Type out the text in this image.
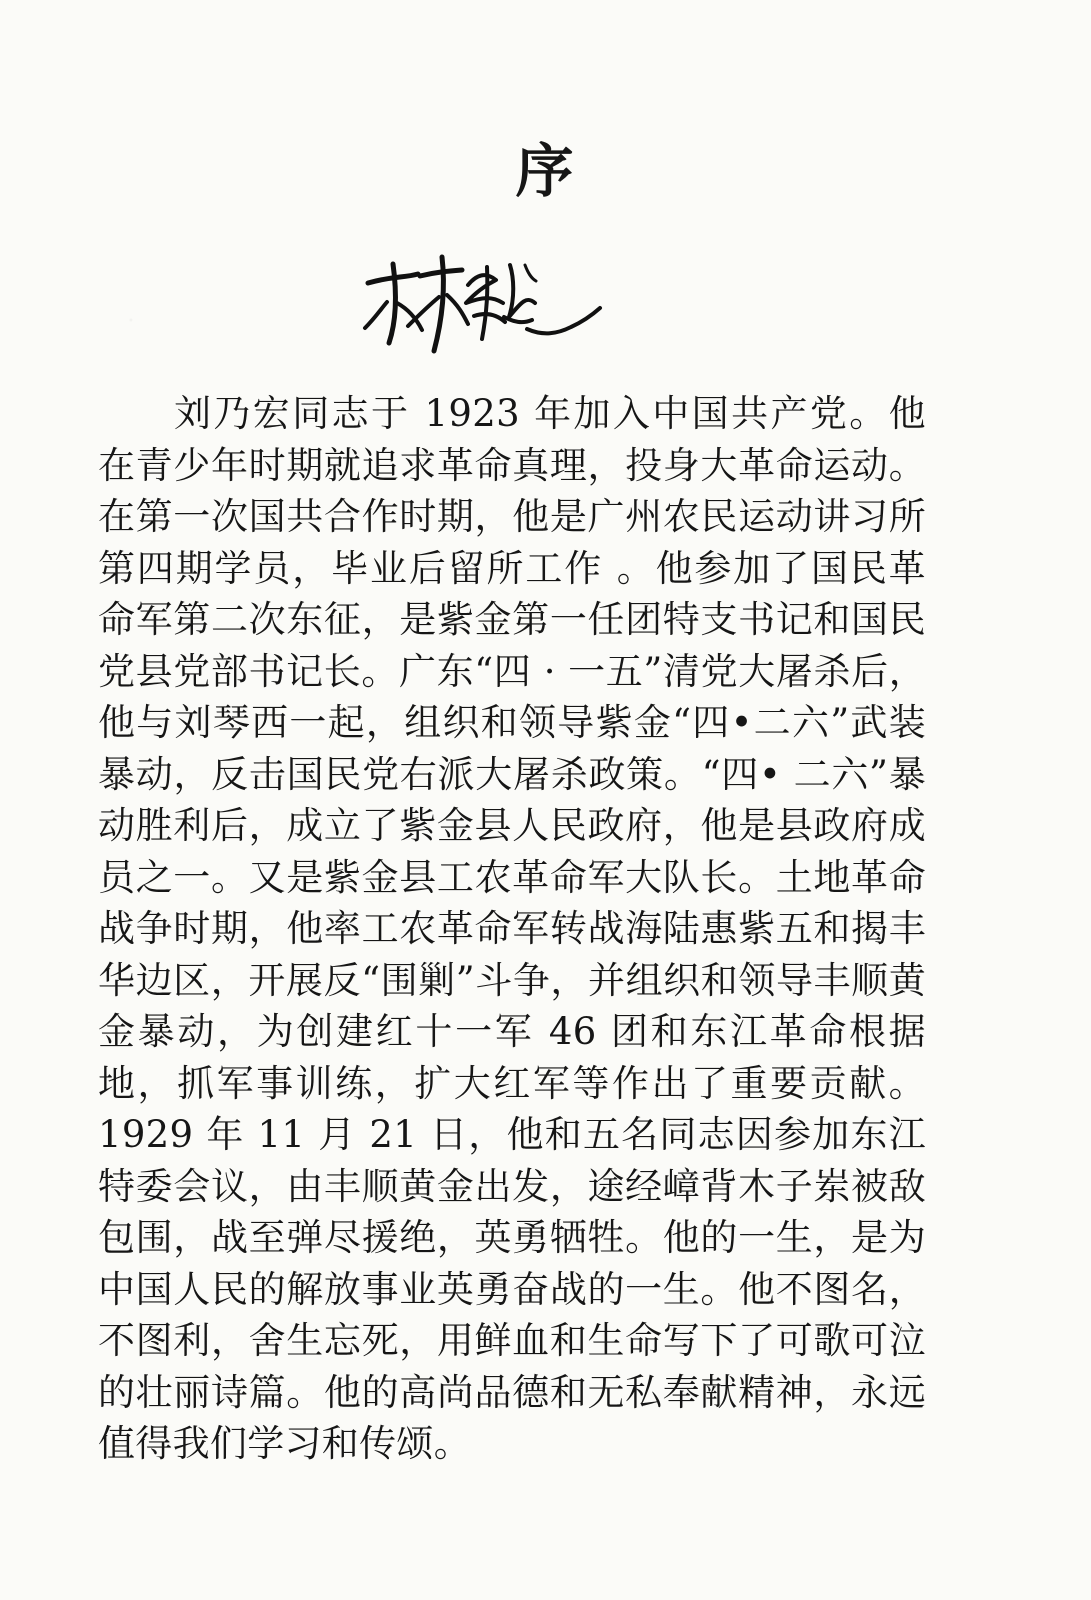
序

刘乃宏同志于 1923 年加入中国共产党。他在青少年时期就追求革命真理，投身大革命运动。在第一次国共合作时期，他是广州农民运动讲习所第四期学员，毕业后留所工作 。他参加了国民革命军第二次东征，是紫金第一任团特支书记和国民党县党部书记长。广东“四 · 一五”清党大屠杀后，他与刘琴西一起，组织和领导紫金“四•二六”武装暴动，反击国民党右派大屠杀政策。“四• 二六”暴动胜利后，成立了紫金县人民政府，他是县政府成员之一。又是紫金县工农革命军大队长。土地革命战争时期，他率工农革命军转战海陆惠紫五和揭丰华边区，开展反“围剿”斗争，并组织和领导丰顺黄金暴动，为创建红十一军 46 团和东江革命根据地，抓军事训练，扩大红军等作出了重要贡献。1929 年 11 月 21 日，他和五名同志因参加东江特委会议，由丰顺黄金出发，途经嶂背木子岽被敌包围，战至弹尽援绝，英勇牺牲。他的一生，是为中国人民的解放事业英勇奋战的一生。他不图名，不图利，舍生忘死，用鲜血和生命写下了可歌可泣的壮丽诗篇。他的高尚品德和无私奉献精神，永远值得我们学习和传颂。
